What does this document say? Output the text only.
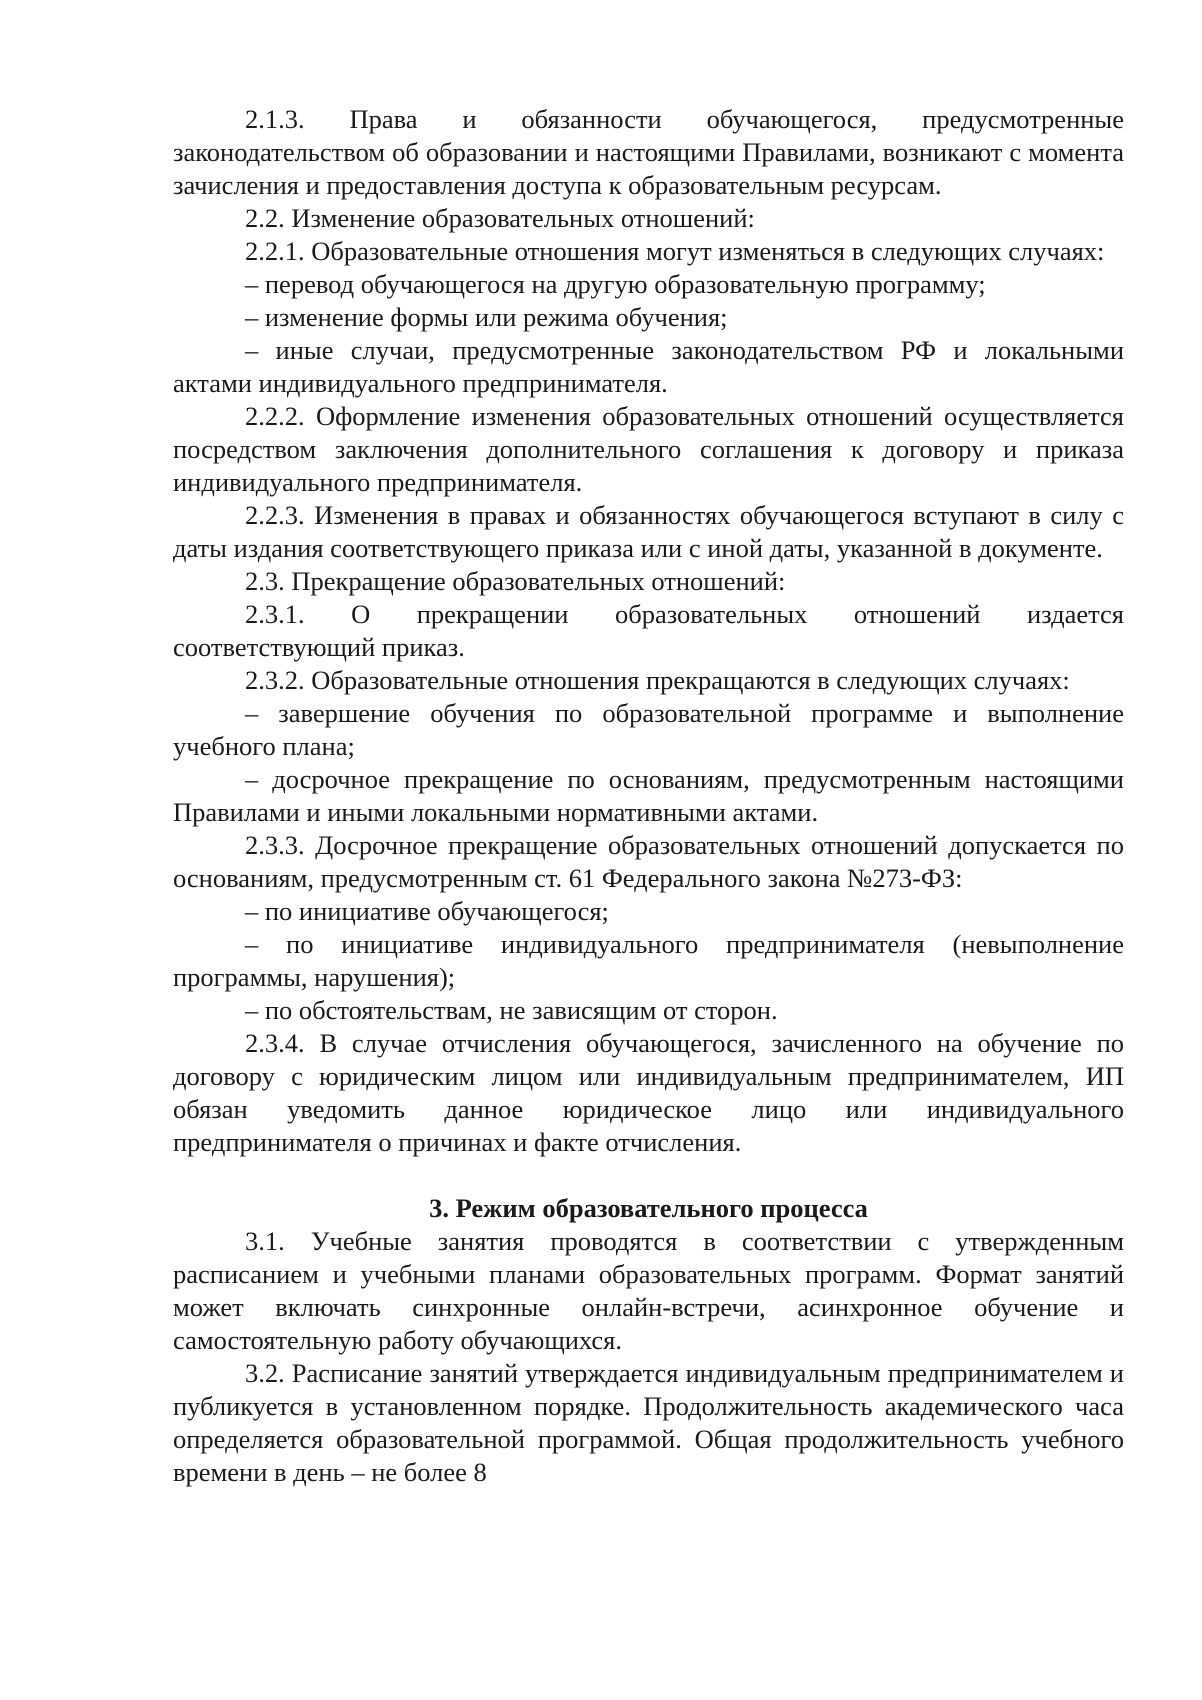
2.1.3. Права и обязанности обучающегося, предусмотренные законодательством об образовании и настоящими Правилами, возникают с момента зачисления и предоставления доступа к образовательным ресурсам.

2.2. Изменение образовательных отношений:

2.2.1. Образовательные отношения могут изменяться в следующих случаях:

– перевод обучающегося на другую образовательную программу;

– изменение формы или режима обучения;

– иные случаи, предусмотренные законодательством РФ и локальными актами индивидуального предпринимателя.

2.2.2. Оформление изменения образовательных отношений осуществляется посредством заключения дополнительного соглашения к договору и приказа индивидуального предпринимателя.

2.2.3. Изменения в правах и обязанностях обучающегося вступают в силу с даты издания соответствующего приказа или с иной даты, указанной в документе.

2.3. Прекращение образовательных отношений:

2.3.1. О прекращении образовательных отношений издается соответствующий приказ.

2.3.2. Образовательные отношения прекращаются в следующих случаях:

– завершение обучения по образовательной программе и выполнение учебного плана;

– досрочное прекращение по основаниям, предусмотренным настоящими Правилами и иными локальными нормативными актами.

2.3.3. Досрочное прекращение образовательных отношений допускается по основаниям, предусмотренным ст. 61 Федерального закона №273-ФЗ:

– по инициативе обучающегося;

– по инициативе индивидуального предпринимателя (невыполнение программы, нарушения);

– по обстоятельствам, не зависящим от сторон.

2.3.4. В случае отчисления обучающегося, зачисленного на обучение по договору с юридическим лицом или индивидуальным предпринимателем, ИП обязан уведомить данное юридическое лицо или индивидуального предпринимателя о причинах и факте отчисления.

3. Режим образовательного процесса

3.1. Учебные занятия проводятся в соответствии с утвержденным расписанием и учебными планами образовательных программ. Формат занятий может включать синхронные онлайн-встречи, асинхронное обучение и самостоятельную работу обучающихся.

3.2. Расписание занятий утверждается индивидуальным предпринимателем и публикуется в установленном порядке. Продолжительность академического часа определяется образовательной программой. Общая продолжительность учебного времени в день – не более 8
